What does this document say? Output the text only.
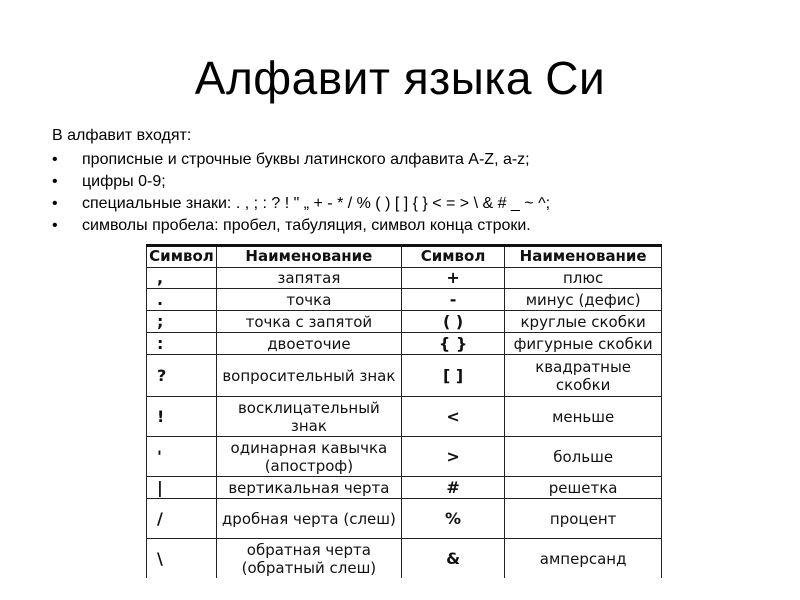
Алфавит языка Си
В алфавит входят:
• прописные и строчные буквы латинского алфавита A-Z, a-z;
• цифры 0-9;
• специальные знаки: . , ; : ? ! " „ + - * / % ( ) [ ] { } < = > \ & # _ ~ ^;
• символы пробела: пробел, табуляция, символ конца строки.
Символ	Наименование	Символ	Наименование
,	запятая	+	плюс
.	точка	-	минус (дефис)
;	точка с запятой	( )	круглые скобки
:	двоеточие	{ }	фигурные скобки
?	вопросительный знак	[ ]	квадратные скобки
!	восклицательный знак	<	меньше
'	одинарная кавычка (апостроф)	>	больше
|	вертикальная черта	#	решетка
/	дробная черта (слеш)	%	процент
\	обратная черта (обратный слеш)	&	амперсанд
